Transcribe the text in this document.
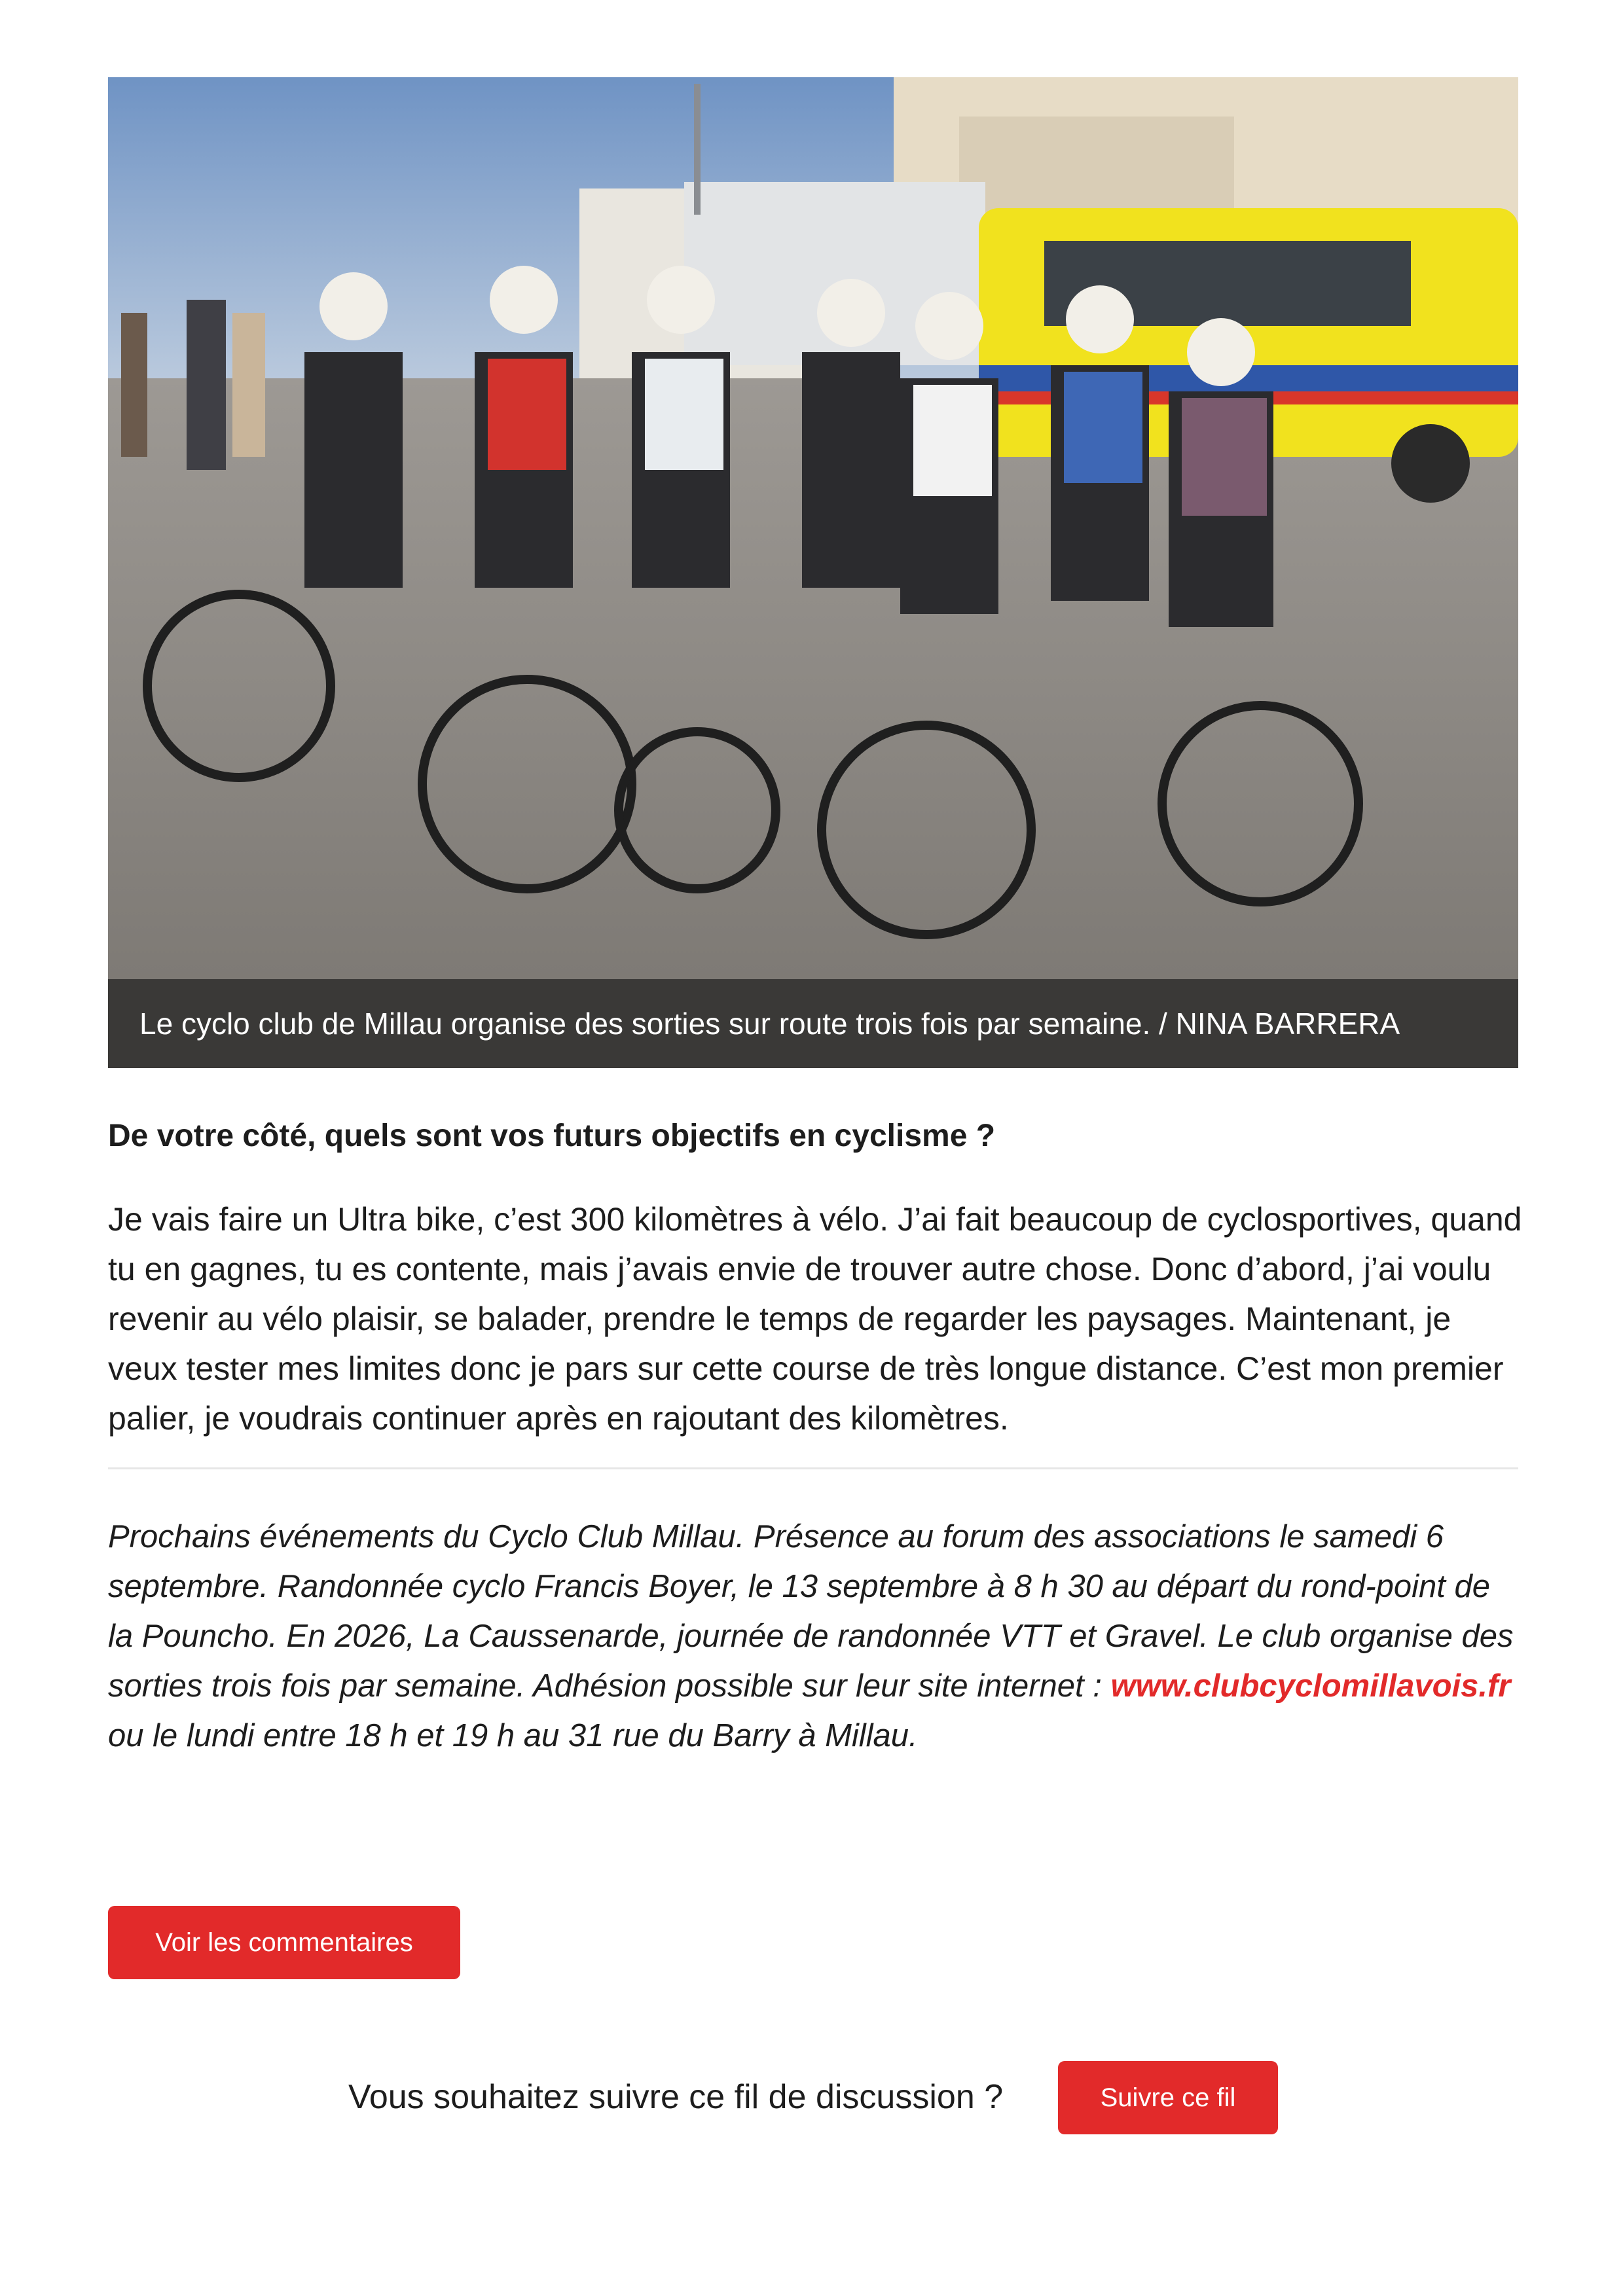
Le cyclo club de Millau organise des sorties sur route trois fois par semaine. / NINA BARRERA
De votre côté, quels sont vos futurs objectifs en cyclisme ?
Je vais faire un Ultra bike, c’est 300 kilomètres à vélo. J’ai fait beaucoup de cyclosportives, quand tu en gagnes, tu es contente, mais j’avais envie de trouver autre chose. Donc d’abord, j’ai voulu revenir au vélo plaisir, se balader, prendre le temps de regarder les paysages. Maintenant, je veux tester mes limites donc je pars sur cette course de très longue distance. C’est mon premier palier, je voudrais continuer après en rajoutant des kilomètres.
Prochains événements du Cyclo Club Millau. Présence au forum des associations le samedi 6 septembre. Randonnée cyclo Francis Boyer, le 13 septembre à 8 h 30 au départ du rond-point de la Pouncho. En 2026, La Caussenarde, journée de randonnée VTT et Gravel. Le club organise des sorties trois fois par semaine. Adhésion possible sur leur site internet : www.clubcyclomillavois.fr ou le lundi entre 18 h et 19 h au 31 rue du Barry à Millau.
Voir les commentaires
Vous souhaitez suivre ce fil de discussion ?	Suivre ce fil
